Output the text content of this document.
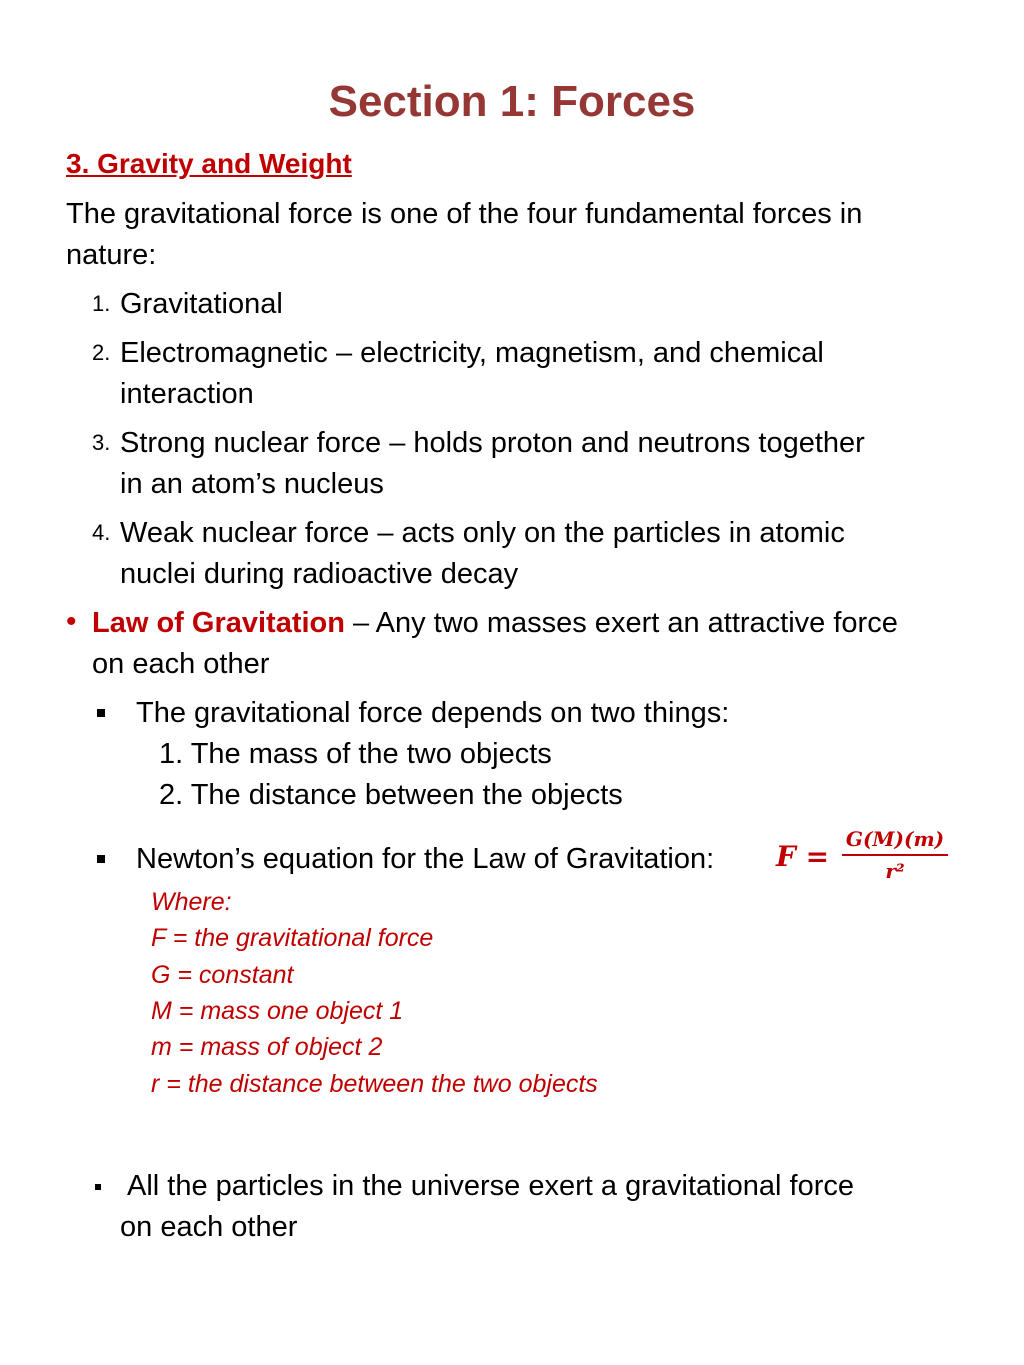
Section 1: Forces
3. Gravity and Weight
The gravitational force is one of the four fundamental forces in
nature:
1. Gravitational
2. Electromagnetic – electricity, magnetism, and chemical
interaction
3. Strong nuclear force – holds proton and neutrons together
in an atom’s nucleus
4. Weak nuclear force – acts only on the particles in atomic
nuclei during radioactive decay
• Law of Gravitation – Any two masses exert an attractive force
on each other
The gravitational force depends on two things:
1. The mass of the two objects
2. The distance between the objects
Newton’s equation for the Law of Gravitation: F =
G(M)(m)
r²
Where:
F = the gravitational force
G = constant
M = mass one object 1
m = mass of object 2
r = the distance between the two objects
All the particles in the universe exert a gravitational force
on each other
